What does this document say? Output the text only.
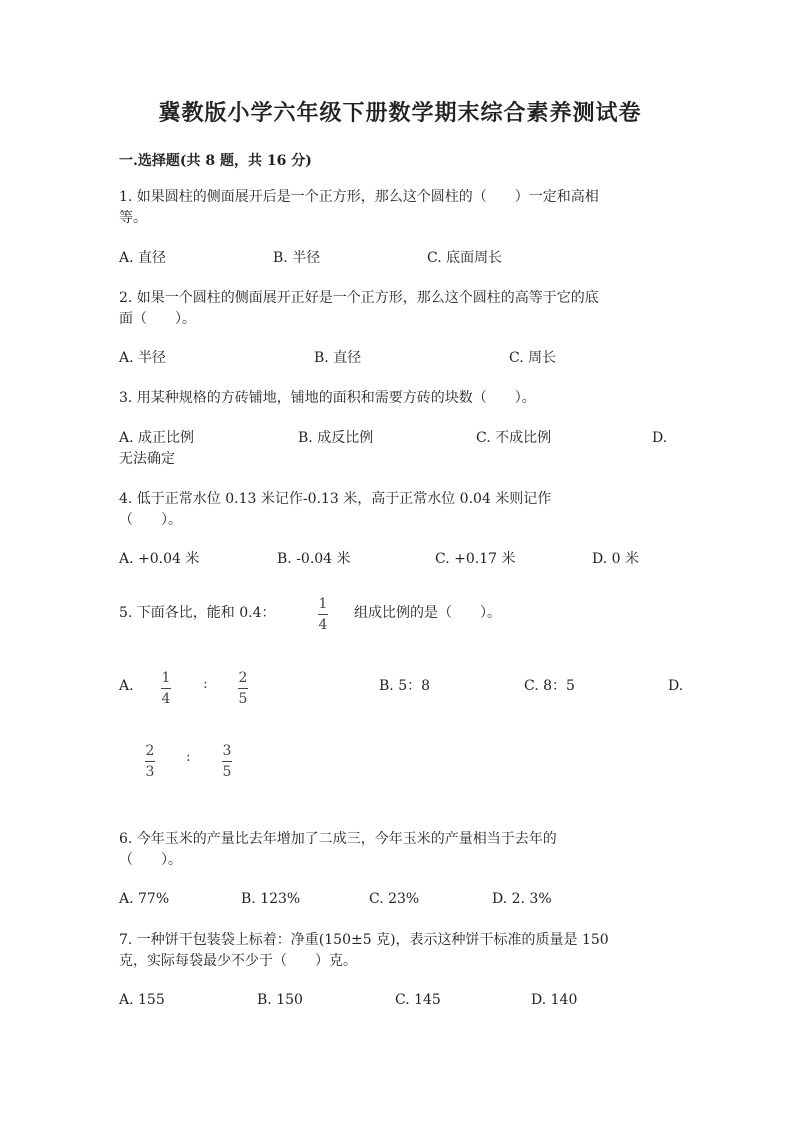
冀教版小学六年级下册数学期末综合素养测试卷
一.选择题(共 8 题，共 16 分)
1. 如果圆柱的侧面展开后是一个正方形，那么这个圆柱的（　　）一定和高相
等。
A. 直径	B. 半径	C. 底面周长
2. 如果一个圆柱的侧面展开正好是一个正方形，那么这个圆柱的高等于它的底
面（　　）。
A. 半径	B. 直径	C. 周长
3. 用某种规格的方砖铺地，铺地的面积和需要方砖的块数（　　）。
A. 成正比例	B. 成反比例	C. 不成比例	D.
无法确定
4. 低于正常水位 0.13 米记作-0.13 米，高于正常水位 0.04 米则记作
（　　）。
A. +0.04 米	B. -0.04 米	C. +0.17 米	D. 0 米
5. 下面各比，能和 0.4：
1
4
组成比例的是（　　）。
A. 1
4
: 2
5
B. 5：8	C. 8：5	D.
2
3
: 3
5
6. 今年玉米的产量比去年增加了二成三，今年玉米的产量相当于去年的
（　　）。
A. 77%	B. 123%	C. 23%	D. 2. 3%
7. 一种饼干包装袋上标着：净重(150±5 克)，表示这种饼干标准的质量是 150
克，实际每袋最少不少于（　　）克。
A. 155	B. 150	C. 145	D. 140
